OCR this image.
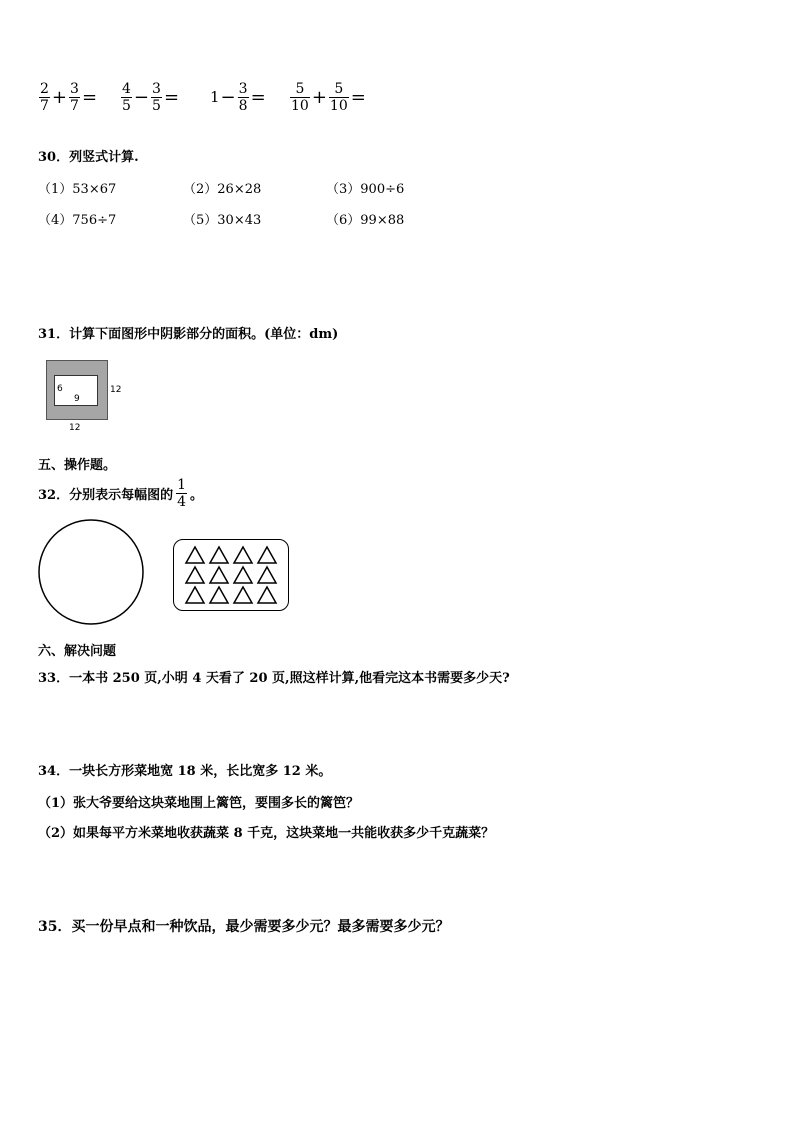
$\frac{2}{7} + \frac{3}{7} = \frac{4}{5} - \frac{3}{5} = 1 - \frac{3}{8} = \frac{5}{10} + \frac{5}{10}$ =
30．列竖式计算.
（1）53×67	（2）26×28	（3）900÷6
（4）756÷7	（5）30×43	（6）99×88
31．计算下面图形中阴影部分的面积。(单位：dm)
6
9
12
12
五、操作题。
32．分别表示每幅图的 $\frac{1}{4}$ 。
六、解决问题
33．一本书 250 页,小明 4 天看了 20 页,照这样计算,他看完这本书需要多少天?
34．一块长方形菜地宽 18 米，长比宽多 12 米。
（1）张大爷要给这块菜地围上篱笆，要围多长的篱笆？
（2）如果每平方米菜地收获蔬菜 8 千克，这块菜地一共能收获多少千克蔬菜？
35．买一份早点和一种饮品，最少需要多少元？最多需要多少元？
